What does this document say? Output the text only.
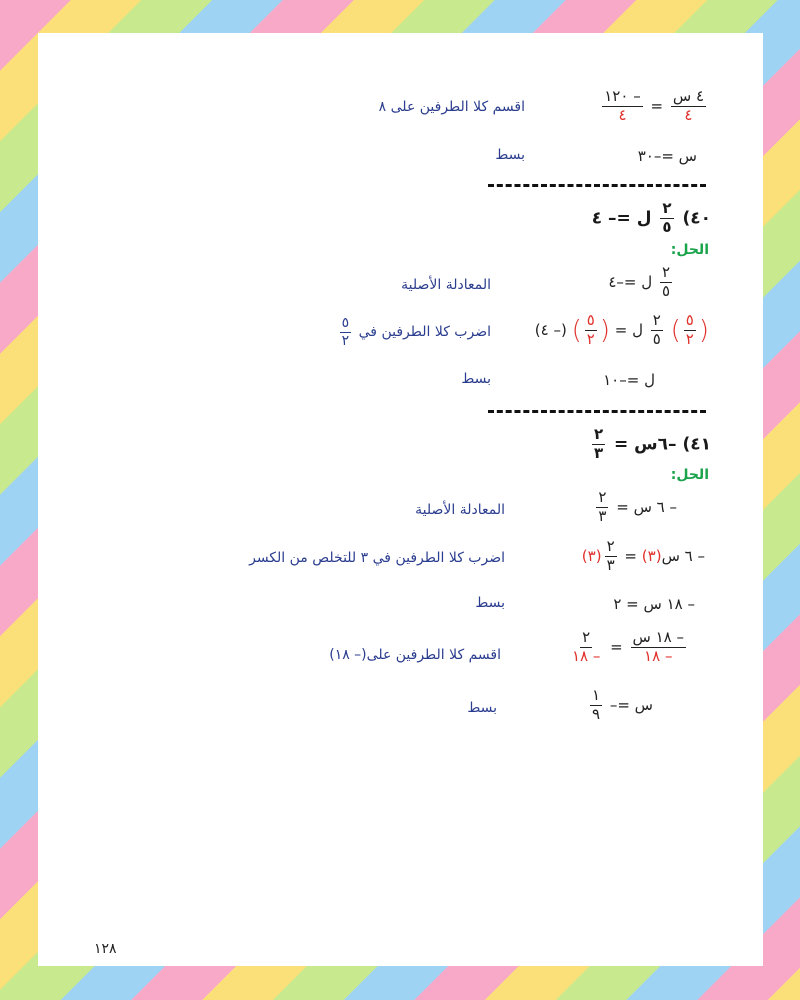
$\frac{\text{٤ س}}{٤}$
=
$\frac{- ١٢٠}{٤}$
اقسم كلا الطرفين على ٨
س =–٣٠
بسط
٤٠)
$\frac{٢}{٥}$
ل =– ٤
الحل:
$\frac{٢}{٥}$
ل =–٤
المعادلة الأصلية
(
$\frac{٥}{٢}$
)
$\frac{٢}{٥}$
ل = (
$\frac{٥}{٢}$
) (– ٤)
اضرب كلا الطرفين في
$\frac{٥}{٢}$
ل =–١٠
بسط
٤١) –٦س =
$\frac{٢}{٣}$
الحل:
– ٦ س =
$\frac{٢}{٣}$
المعادلة الأصلية
– ٦ س(٣) =
$\frac{٢}{٣}$
(٣)
اضرب كلا الطرفين في ٣ للتخلص من الكسر
– ١٨ س = ٢
بسط
$\frac{\text{– ١٨ س}}{- ١٨}$
=
$\frac{٢}{- ١٨}$
اقسم كلا الطرفين على(– ١٨)
س =–
$\frac{١}{٩}$
بسط
١٢٨
